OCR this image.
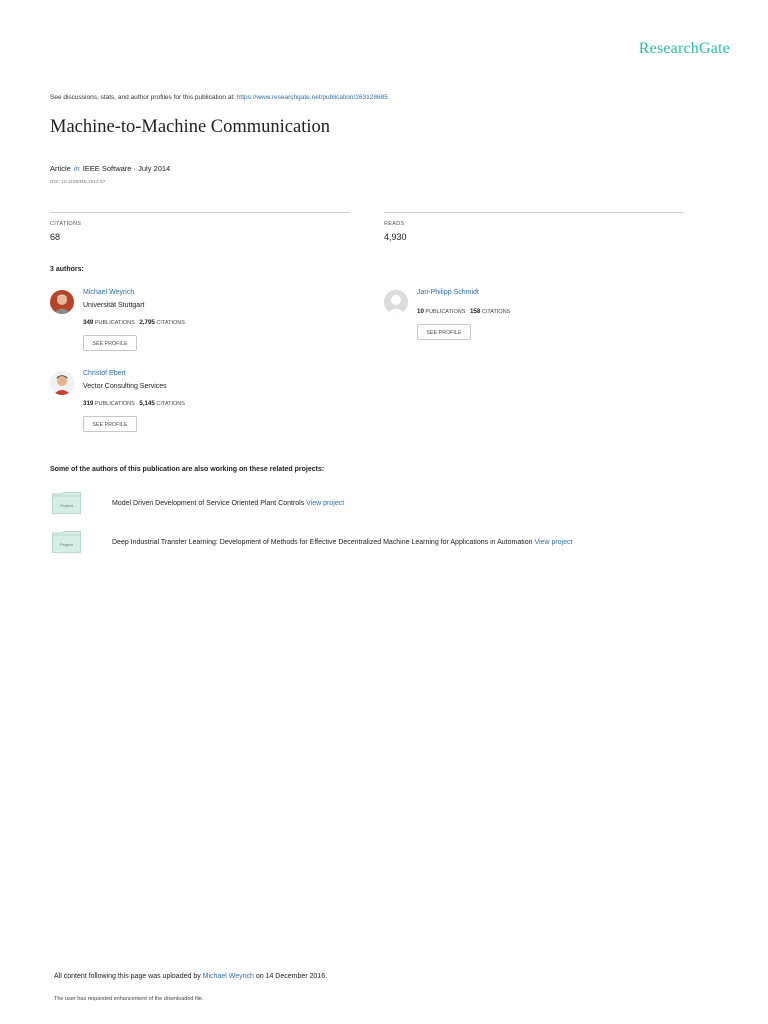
ResearchGate
See discussions, stats, and author profiles for this publication at: https://www.researchgate.net/publication/263128685
Machine-to-Machine Communication
Article in IEEE Software · July 2014
DOI: 10.1109/MS.2014.87
CITATIONS
68
READS
4,930
3 authors:
Michael Weyrich
Universität Stuttgart
349 PUBLICATIONS 2,795 CITATIONS
SEE PROFILE
Jan-Philipp Schmidt
10 PUBLICATIONS 158 CITATIONS
SEE PROFILE
Christof Ebert
Vector Consulting Services
319 PUBLICATIONS 5,145 CITATIONS
SEE PROFILE
Some of the authors of this publication are also working on these related projects:
Project	Model Driven Development of Service Oriented Plant Controls View project
Project	Deep Industrial Transfer Learning: Development of Methods for Effective Decentralized Machine Learning for Applications in Automation View project
All content following this page was uploaded by Michael Weyrich on 14 December 2016.
The user has requested enhancement of the downloaded file.
